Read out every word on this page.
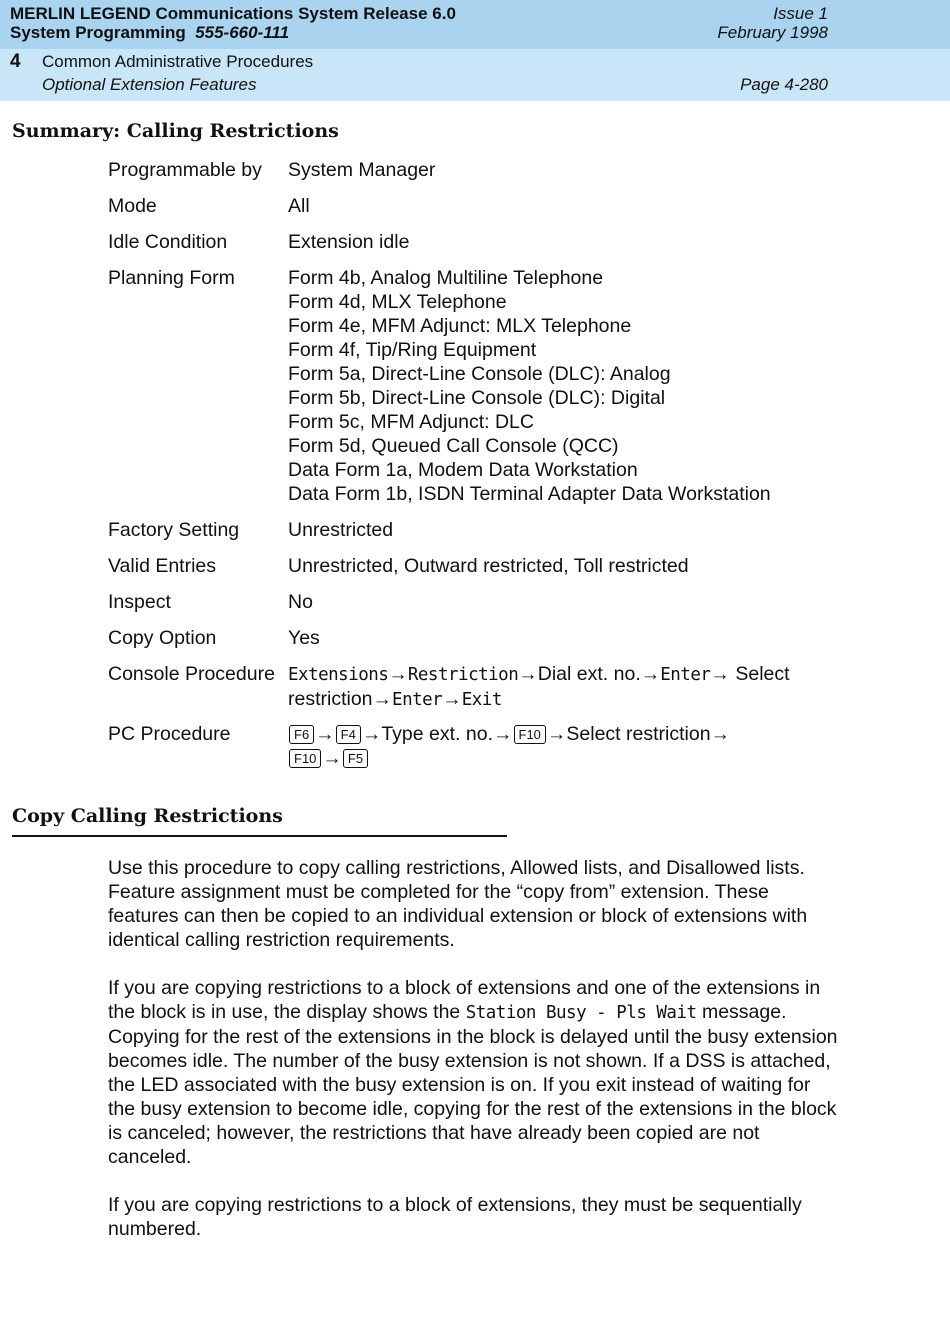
MERLIN LEGEND Communications System Release 6.0	Issue 1
System Programming 555-660-111	February 1998
4 Common Administrative Procedures
Optional Extension Features	Page 4-280
Summary: Calling Restrictions
Programmable by System Manager
Mode	All
Idle Condition	Extension idle
Planning Form	Form 4b, Analog Multiline Telephone
Form 4d, MLX Telephone
Form 4e, MFM Adjunct: MLX Telephone
Form 4f, Tip/Ring Equipment
Form 5a, Direct-Line Console (DLC): Analog
Form 5b, Direct-Line Console (DLC): Digital
Form 5c, MFM Adjunct: DLC
Form 5d, Queued Call Console (QCC)
Data Form 1a, Modem Data Workstation
Data Form 1b, ISDN Terminal Adapter Data Workstation
Factory Setting	Unrestricted
Valid Entries	Unrestricted, Outward restricted, Toll restricted
Inspect	No
Copy Option	Yes
Console Procedure Extensions→Restriction→Dial ext. no.→Enter→ Select
restriction→Enter→Exit
PC Procedure	F6 → F4 →Type ext. no.→ F10 →Select restriction→
F10 → F5
Copy Calling Restrictions

Use this procedure to copy calling restrictions, Allowed lists, and Disallowed lists. Feature assignment must be completed for the “copy from” extension. These features can then be copied to an individual extension or block of extensions with identical calling restriction requirements.

If you are copying restrictions to a block of extensions and one of the extensions in the block is in use, the display shows the Station Busy - Pls Wait message. Copying for the rest of the extensions in the block is delayed until the busy extension becomes idle. The number of the busy extension is not shown. If a DSS is attached, the LED associated with the busy extension is on. If you exit instead of waiting for the busy extension to become idle, copying for the rest of the extensions in the block is canceled; however, the restrictions that have already been copied are not canceled.

If you are copying restrictions to a block of extensions, they must be sequentially numbered.
